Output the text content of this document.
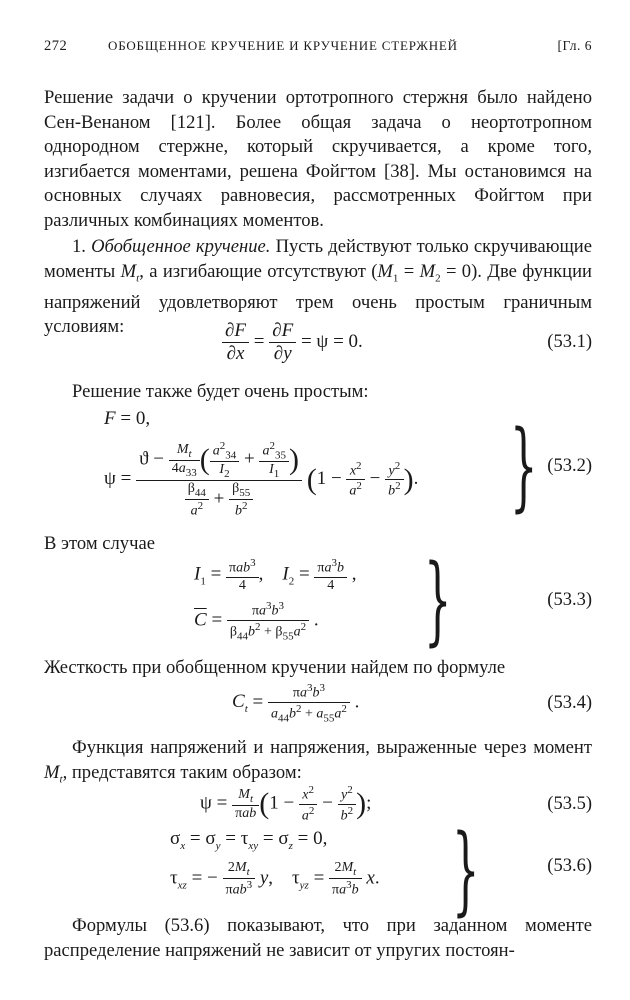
272	ОБОБЩЕННОЕ КРУЧЕНИЕ И КРУЧЕНИЕ СТЕРЖНЕЙ	[Гл. 6

Решение задачи о кручении ортотропного стержня было найдено Сен-Венаном [121]. Более общая задача о неортотропном однородном стержне, который скручивается, а кроме того, изгибается моментами, решена Фойгтом [38]. Мы остановимся на основных случаях равновесия, рассмотренных Фойгтом при различных комбинациях моментов.

1. Обобщенное кручение. Пусть действуют только скручивающие моменты $M_t$, а изгибающие отсутствуют $(M_1 = M_2 = 0)$. Две функции напряжений удовлетворяют трем очень простым граничным условиям:	$\frac{\partial F}{\partial x} = \frac{\partial F}{\partial y} = \psi = 0$.	(53.1)

Решение также будет очень простым:

F = 0,
$\psi = \frac{ϑ - \frac{M_t}{4a_{33}} ( \frac{a^2_{34}}{I_2} + \frac{a^2_{35}}{I_1} )}{\frac{\beta_{44}}{a^2} + \frac{\beta_{55}}{b^2}} (1 - \frac{x^2}{a^2} - \frac{y^2}{b^2}$ ). } (53.2)

В этом случае

$I_1 = \frac{\pi ab^3}{4}$ ,    $I_2 = \frac{\pi a^3b}{4}$ ,
$\overline{C} = \frac{\pi a^3b^3}{\beta_{44}b^2 + \beta_{55}a^2}$ . }	(53.3)

Жесткость при обобщенном кручении найдем по формуле

$C_t = \frac{\pi a^3b^3}{a_{44}b^2 + a_{55}a^2}$ .	(53.4)

Функция напряжений и напряжения, выраженные через момент $M_t$, представятся таким образом:

$\psi = \frac{M_t}{\text{πab}} (1 - \frac{x^2}{a^2} - \frac{y^2}{b^2}$ );	(53.5)
$\sigma_x = \sigma_y = \tau_{xy} = \sigma_z = 0$,
$\tau_{xz}$ = − $\frac{2M_t}{\pi ab^3} y$,    $\tau_{yz} = \frac{2M_t}{\pi a^3b} x$. }	(53.6)

Формулы (53.6) показывают, что при заданном моменте распределение напряжений не зависит от упругих постоян-
